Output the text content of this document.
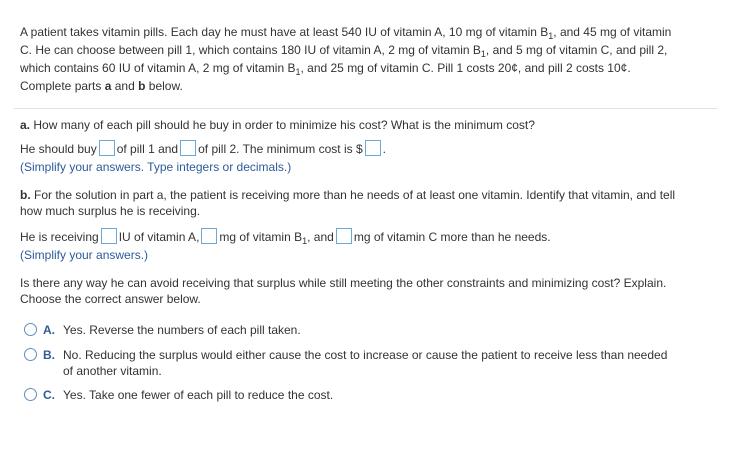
A patient takes vitamin pills. Each day he must have at least 540 IU of vitamin A, 10 mg of vitamin $B_1$, and 45 mg of vitamin
C. He can choose between pill 1, which contains 180 IU of vitamin A, 2 mg of vitamin $B_1$, and 5 mg of vitamin C, and pill 2,
which contains 60 IU of vitamin A, 2 mg of vitamin $B_1$, and 25 mg of vitamin C. Pill 1 costs 20¢, and pill 2 costs 10¢.
Complete parts a and b below.
a. How many of each pill should he buy in order to minimize his cost? What is the minimum cost?
He should buy of pill 1 and of pill 2. The minimum cost is $ .
(Simplify your answers. Type integers or decimals.)
b. For the solution in part a, the patient is receiving more than he needs of at least one vitamin. Identify that vitamin, and tell
how much surplus he is receiving.
He is receiving IU of vitamin A, mg of vitamin $B_1$, and mg of vitamin C more than he needs.
(Simplify your answers.)
Is there any way he can avoid receiving that surplus while still meeting the other constraints and minimizing cost? Explain.
Choose the correct answer below.
A. Yes. Reverse the numbers of each pill taken.
B. No. Reducing the surplus would either cause the cost to increase or cause the patient to receive less than needed
of another vitamin.
C. Yes. Take one fewer of each pill to reduce the cost.
